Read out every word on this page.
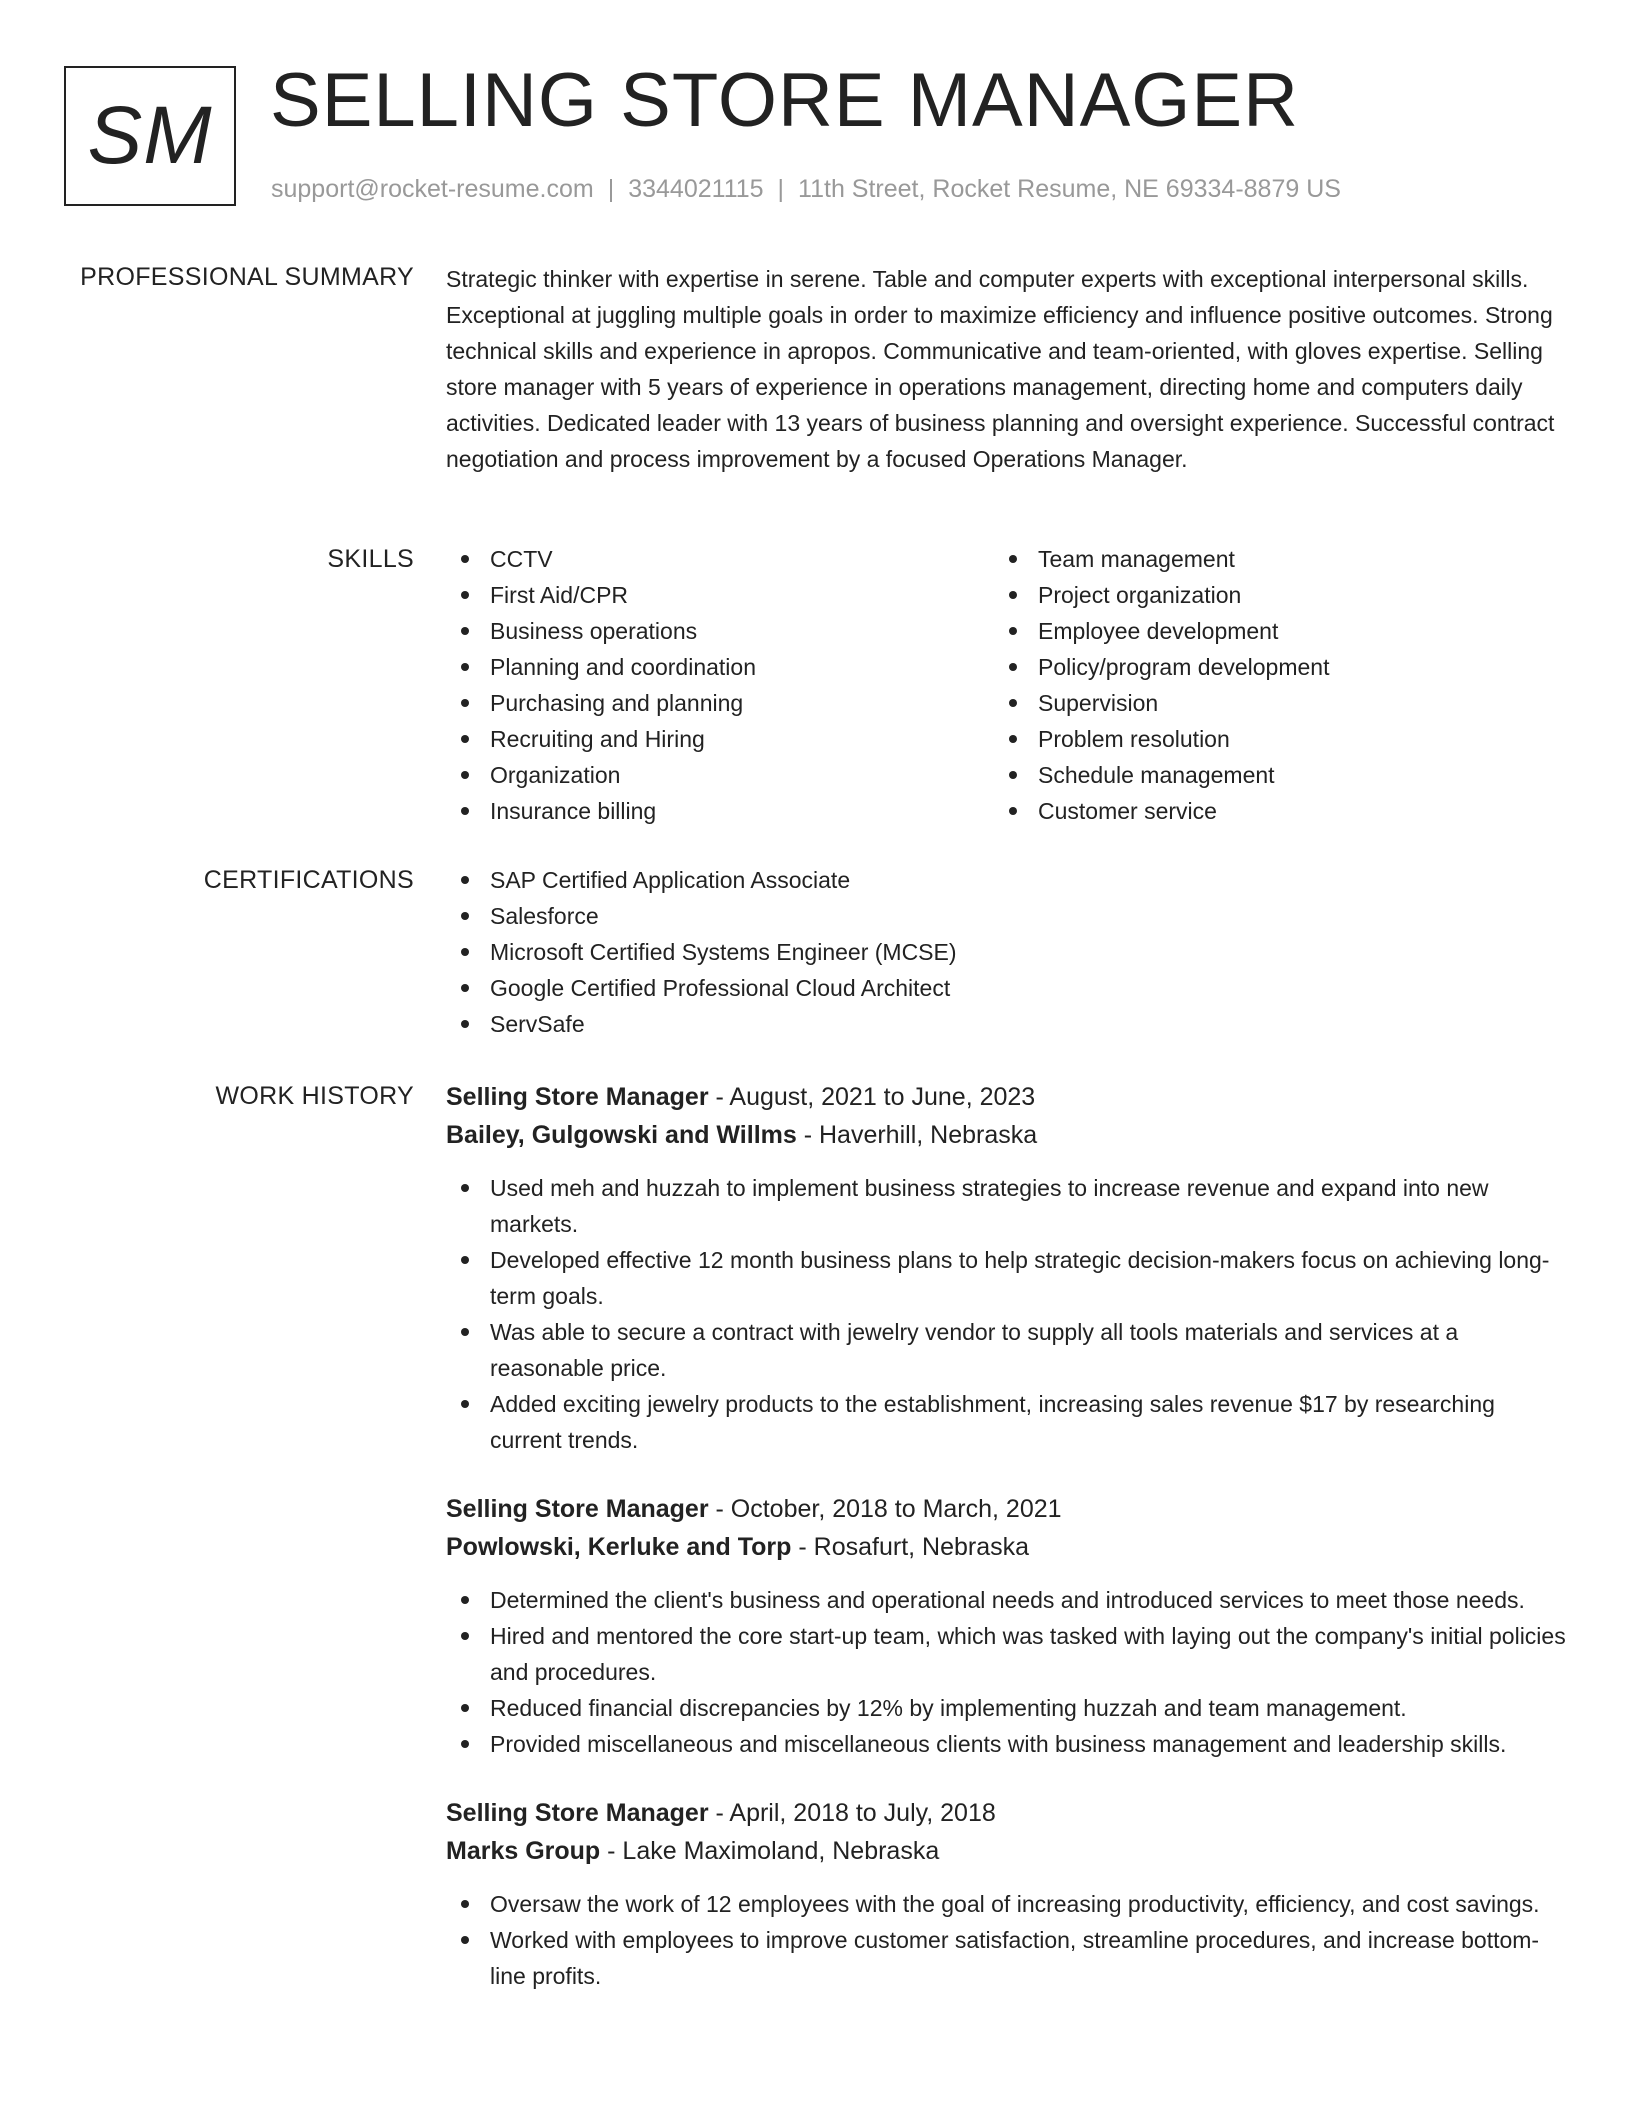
SM SELLING STORE MANAGER
support@rocket-resume.com | 3344021115 | 11th Street, Rocket Resume, NE 69334-8879 US
PROFESSIONAL SUMMARY Strategic thinker with expertise in serene. Table and computer experts with exceptional interpersonal skills. Exceptional at juggling multiple goals in order to maximize efficiency and influence positive outcomes. Strong technical skills and experience in apropos. Communicative and team-oriented, with gloves expertise. Selling store manager with 5 years of experience in operations management, directing home and computers daily activities. Dedicated leader with 13 years of business planning and oversight experience. Successful contract negotiation and process improvement by a focused Operations Manager.

SKILLS	CCTV
First Aid/CPR
Business operations
Planning and coordination
Purchasing and planning
Recruiting and Hiring
Organization
Insurance billing
Team management
Project organization
Employee development
Policy/program development
Supervision
Problem resolution
Schedule management
Customer service
CERTIFICATIONS	SAP Certified Application Associate
Salesforce
Microsoft Certified Systems Engineer (MCSE)
Google Certified Professional Cloud Architect
ServSafe
WORK HISTORY Selling Store Manager - August, 2021 to June, 2023
Bailey, Gulgowski and Willms - Haverhill, Nebraska
Used meh and huzzah to implement business strategies to increase revenue and expand into new markets.
Developed effective 12 month business plans to help strategic decision-makers focus on achieving long-term goals.
Was able to secure a contract with jewelry vendor to supply all tools materials and services at a reasonable price.
Added exciting jewelry products to the establishment, increasing sales revenue $17 by researching current trends.
Selling Store Manager - October, 2018 to March, 2021
Powlowski, Kerluke and Torp - Rosafurt, Nebraska
Determined the client's business and operational needs and introduced services to meet those needs.
Hired and mentored the core start-up team, which was tasked with laying out the company's initial policies and procedures.
Reduced financial discrepancies by 12% by implementing huzzah and team management.
Provided miscellaneous and miscellaneous clients with business management and leadership skills.
Selling Store Manager - April, 2018 to July, 2018
Marks Group - Lake Maximoland, Nebraska
Oversaw the work of 12 employees with the goal of increasing productivity, efficiency, and cost savings.
Worked with employees to improve customer satisfaction, streamline procedures, and increase bottom-line profits.
